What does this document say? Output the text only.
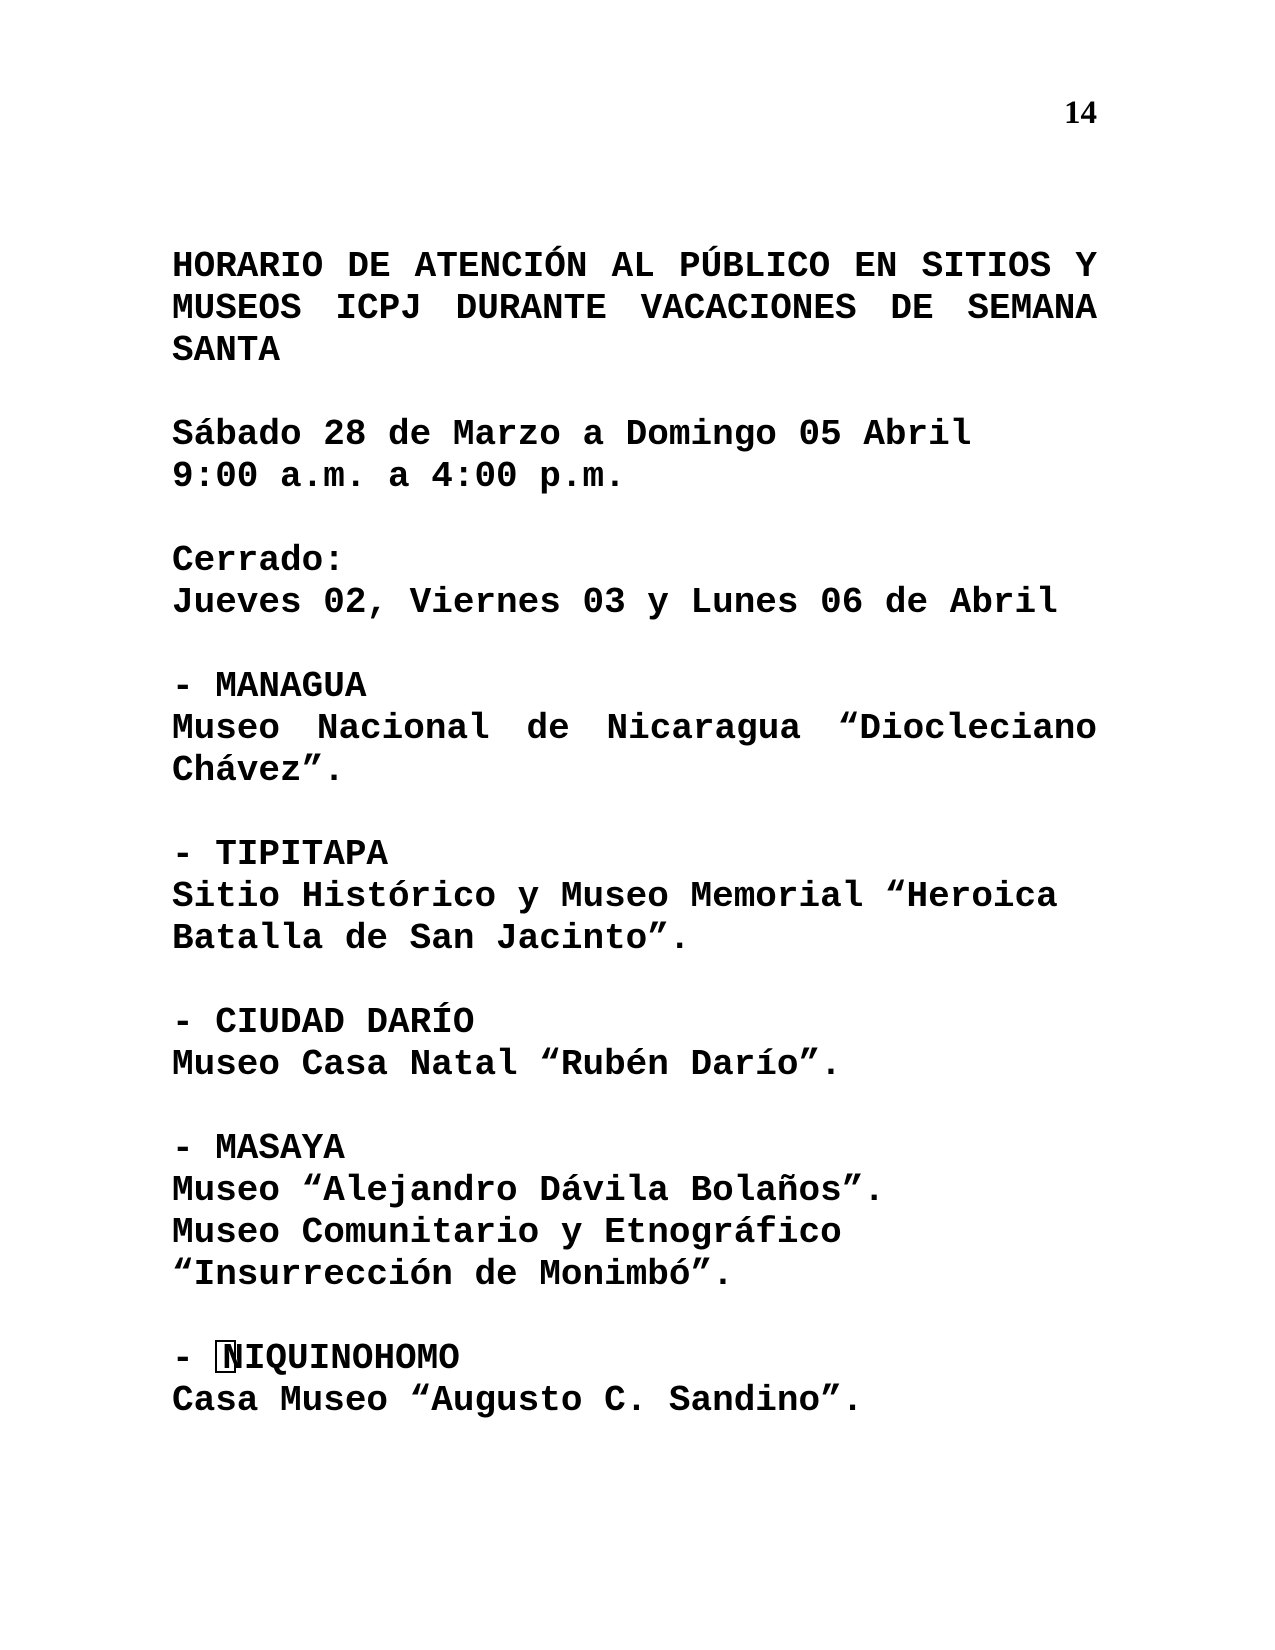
14
HORARIO DE ATENCIÓN AL PÚBLICO EN SITIOS Y
MUSEOS ICPJ DURANTE VACACIONES DE SEMANA
SANTA
Sábado 28 de Marzo a Domingo 05 Abril
9:00 a.m. a 4:00 p.m.
Cerrado:
Jueves 02, Viernes 03 y Lunes 06 de Abril
- MANAGUA
Museo Nacional de Nicaragua “Diocleciano
Chávez”.
- TIPITAPA
Sitio Histórico y Museo Memorial “Heroica
Batalla de San Jacinto”.
- CIUDAD DARÍO
Museo Casa Natal “Rubén Darío”.
- MASAYA
Museo “Alejandro Dávila Bolaños”.
Museo Comunitario y Etnográfico
“Insurrección de Monimbó”.
- NIQUINOHOMO
Casa Museo “Augusto C. Sandino”.
